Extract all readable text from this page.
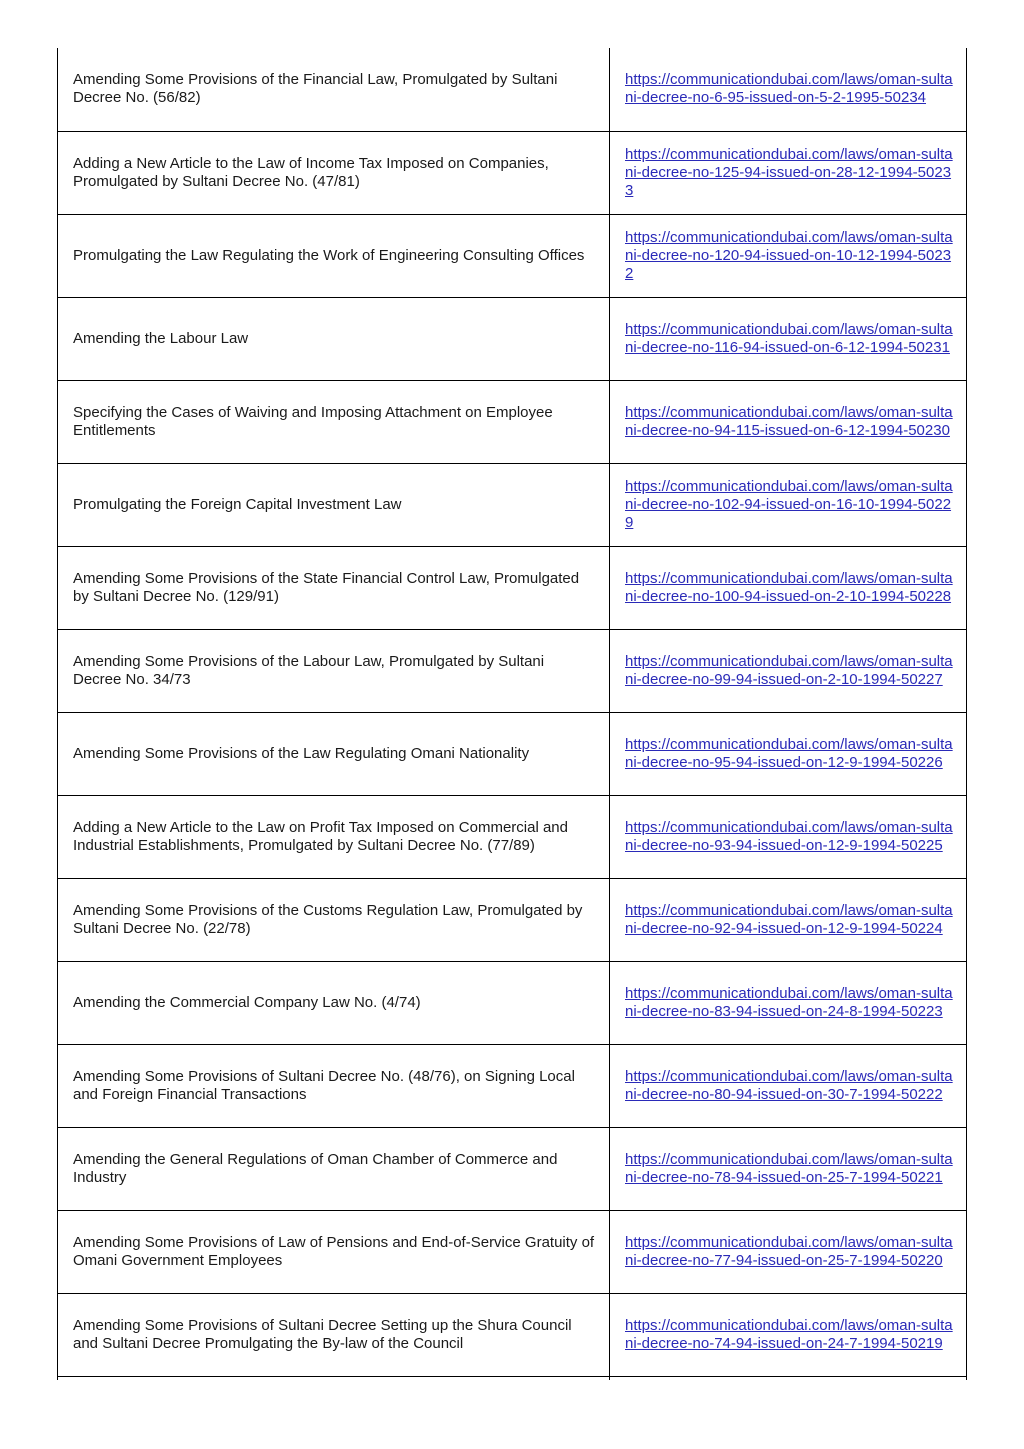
Amending Some Provisions of the Financial Law, Promulgated by Sultani Decree No. (56/82)	https://communicationdubai.com/laws/oman-sultani-decree-no-6-95-issued-on-5-2-1995-50234

Adding a New Article to the Law of Income Tax Imposed on Companies, Promulgated by Sultani Decree No. (47/81)	https://communicationdubai.com/laws/oman-sultani-decree-no-125-94-issued-on-28-12-1994-50233

Promulgating the Law Regulating the Work of Engineering Consulting Offices	https://communicationdubai.com/laws/oman-sultani-decree-no-120-94-issued-on-10-12-1994-50232

Amending the Labour Law	https://communicationdubai.com/laws/oman-sultani-decree-no-116-94-issued-on-6-12-1994-50231

Specifying the Cases of Waiving and Imposing Attachment on Employee Entitlements	https://communicationdubai.com/laws/oman-sultani-decree-no-94-115-issued-on-6-12-1994-50230

Promulgating the Foreign Capital Investment Law	https://communicationdubai.com/laws/oman-sultani-decree-no-102-94-issued-on-16-10-1994-50229

Amending Some Provisions of the State Financial Control Law, Promulgated by Sultani Decree No. (129/91)	https://communicationdubai.com/laws/oman-sultani-decree-no-100-94-issued-on-2-10-1994-50228

Amending Some Provisions of the Labour Law, Promulgated by Sultani Decree No. 34/73	https://communicationdubai.com/laws/oman-sultani-decree-no-99-94-issued-on-2-10-1994-50227

Amending Some Provisions of the Law Regulating Omani Nationality	https://communicationdubai.com/laws/oman-sultani-decree-no-95-94-issued-on-12-9-1994-50226

Adding a New Article to the Law on Profit Tax Imposed on Commercial and Industrial Establishments, Promulgated by Sultani Decree No. (77/89)	https://communicationdubai.com/laws/oman-sultani-decree-no-93-94-issued-on-12-9-1994-50225

Amending Some Provisions of the Customs Regulation Law, Promulgated by Sultani Decree No. (22/78)	https://communicationdubai.com/laws/oman-sultani-decree-no-92-94-issued-on-12-9-1994-50224

Amending the Commercial Company Law No. (4/74)	https://communicationdubai.com/laws/oman-sultani-decree-no-83-94-issued-on-24-8-1994-50223

Amending Some Provisions of Sultani Decree No. (48/76), on Signing Local and Foreign Financial Transactions	https://communicationdubai.com/laws/oman-sultani-decree-no-80-94-issued-on-30-7-1994-50222

Amending the General Regulations of Oman Chamber of Commerce and Industry	https://communicationdubai.com/laws/oman-sultani-decree-no-78-94-issued-on-25-7-1994-50221

Amending Some Provisions of Law of Pensions and End-of-Service Gratuity of Omani Government Employees	https://communicationdubai.com/laws/oman-sultani-decree-no-77-94-issued-on-25-7-1994-50220

Amending Some Provisions of Sultani Decree Setting up the Shura Council and Sultani Decree Promulgating the By-law of the Council	https://communicationdubai.com/laws/oman-sultani-decree-no-74-94-issued-on-24-7-1994-50219
